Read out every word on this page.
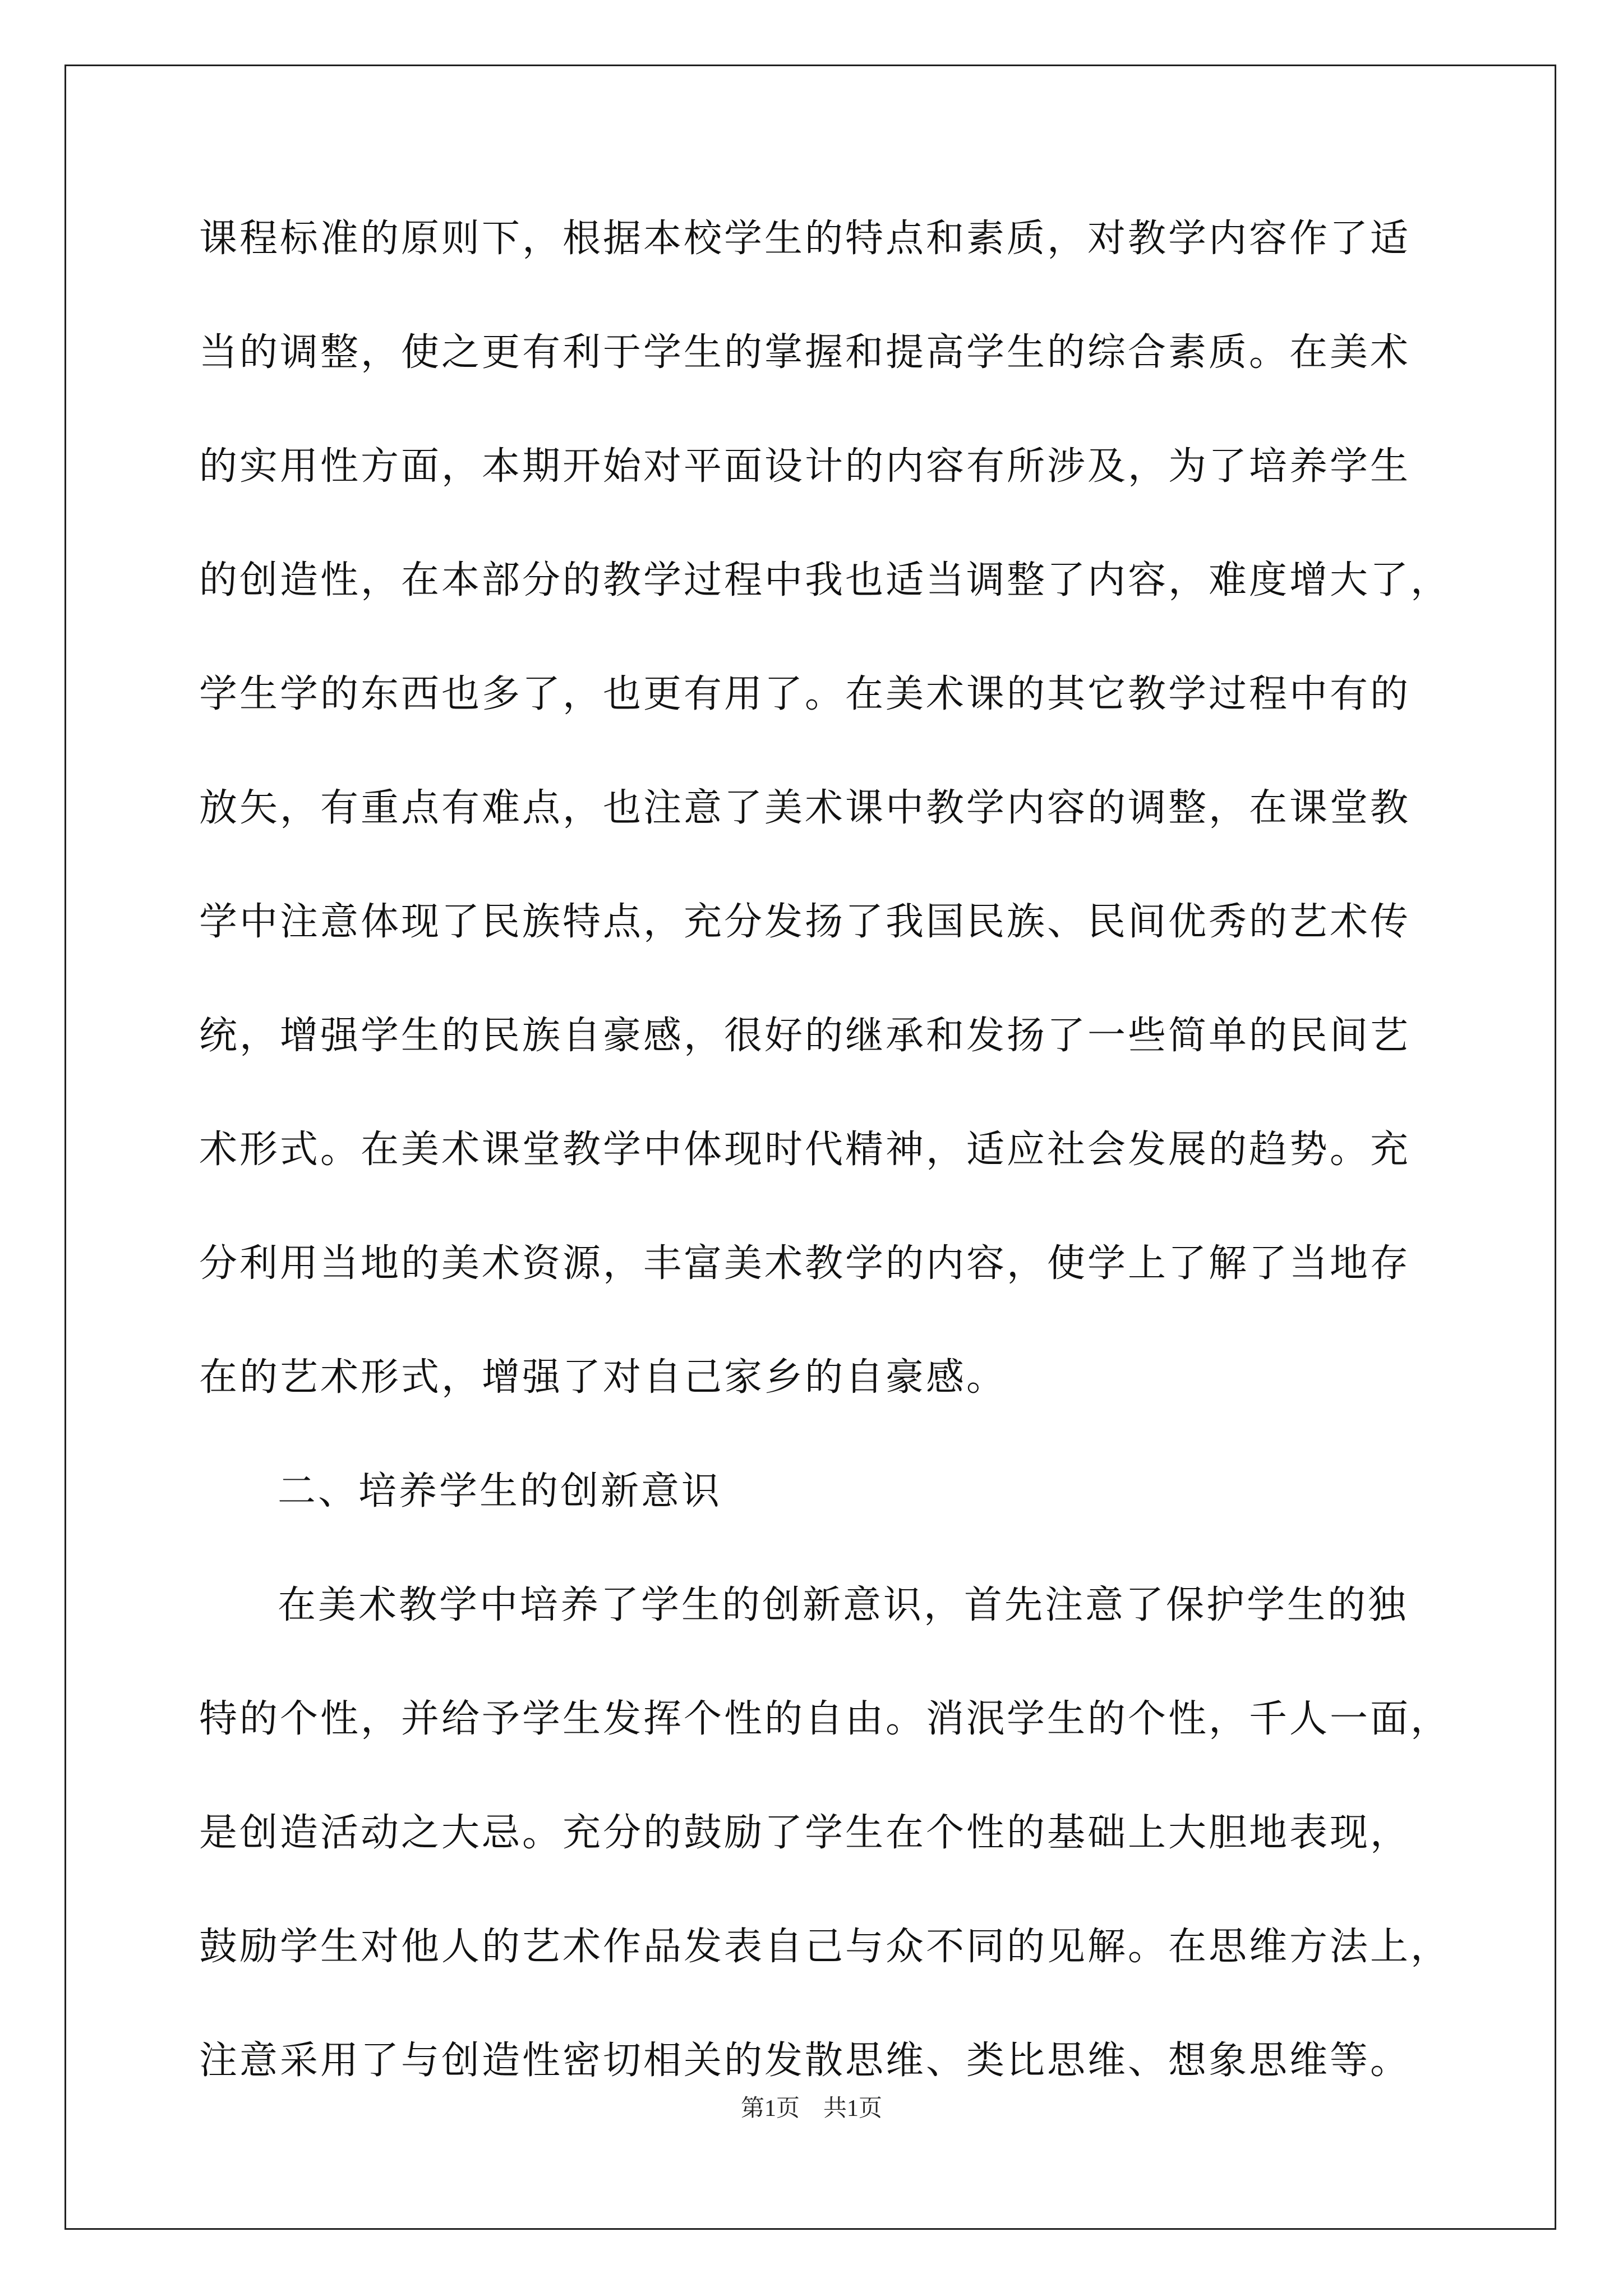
课程标准的原则下，根据本校学生的特点和素质，对教学内容作了适
当的调整，使之更有利于学生的掌握和提高学生的综合素质。在美术
的实用性方面，本期开始对平面设计的内容有所涉及，为了培养学生
的创造性，在本部分的教学过程中我也适当调整了内容，难度增大了，
学生学的东西也多了，也更有用了。在美术课的其它教学过程中有的
放矢，有重点有难点，也注意了美术课中教学内容的调整，在课堂教
学中注意体现了民族特点，充分发扬了我国民族、民间优秀的艺术传
统，增强学生的民族自豪感，很好的继承和发扬了一些简单的民间艺
术形式。在美术课堂教学中体现时代精神，适应社会发展的趋势。充
分利用当地的美术资源，丰富美术教学的内容，使学上了解了当地存
在的艺术形式，增强了对自己家乡的自豪感。
二、培养学生的创新意识
在美术教学中培养了学生的创新意识，首先注意了保护学生的独
特的个性，并给予学生发挥个性的自由。消泯学生的个性，千人一面，
是创造活动之大忌。充分的鼓励了学生在个性的基础上大胆地表现，
鼓励学生对他人的艺术作品发表自己与众不同的见解。在思维方法上，
注意采用了与创造性密切相关的发散思维、类比思维、想象思维等。
第1页　共1页
